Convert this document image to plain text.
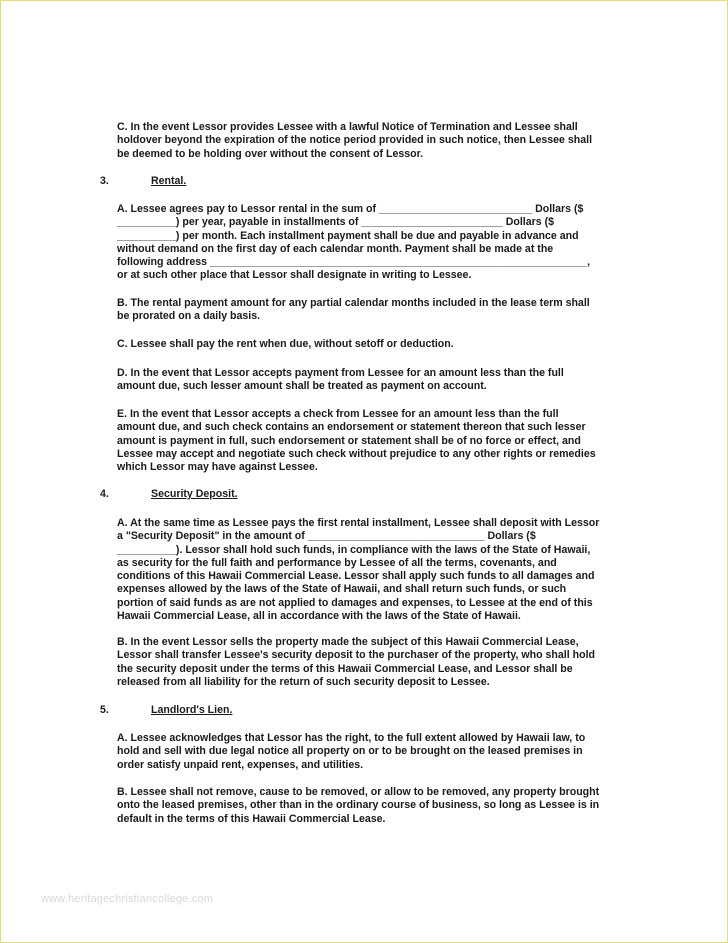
C. In the event Lessor provides Lessee with a lawful Notice of Termination and Lessee shall
holdover beyond the expiration of the notice period provided in such notice, then Lessee shall
be deemed to be holding over without the consent of Lessor.
3.	Rental.
A. Lessee agrees pay to Lessor rental in the sum of __________________________ Dollars ($
__________) per year, payable in installments of ________________________ Dollars ($
__________) per month. Each installment payment shall be due and payable in advance and
without demand on the first day of each calendar month. Payment shall be made at the
following address ________________________________________________________________,
or at such other place that Lessor shall designate in writing to Lessee.
B. The rental payment amount for any partial calendar months included in the lease term shall
be prorated on a daily basis.
C. Lessee shall pay the rent when due, without setoff or deduction.
D. In the event that Lessor accepts payment from Lessee for an amount less than the full
amount due, such lesser amount shall be treated as payment on account.
E. In the event that Lessor accepts a check from Lessee for an amount less than the full
amount due, and such check contains an endorsement or statement thereon that such lesser
amount is payment in full, such endorsement or statement shall be of no force or effect, and
Lessee may accept and negotiate such check without prejudice to any other rights or remedies
which Lessor may have against Lessee.
4.	Security Deposit.
A. At the same time as Lessee pays the first rental installment, Lessee shall deposit with Lessor
a "Security Deposit" in the amount of ______________________________ Dollars ($
__________). Lessor shall hold such funds, in compliance with the laws of the State of Hawaii,
as security for the full faith and performance by Lessee of all the terms, covenants, and
conditions of this Hawaii Commercial Lease. Lessor shall apply such funds to all damages and
expenses allowed by the laws of the State of Hawaii, and shall return such funds, or such
portion of said funds as are not applied to damages and expenses, to Lessee at the end of this
Hawaii Commercial Lease, all in accordance with the laws of the State of Hawaii.
B. In the event Lessor sells the property made the subject of this Hawaii Commercial Lease,
Lessor shall transfer Lessee's security deposit to the purchaser of the property, who shall hold
the security deposit under the terms of this Hawaii Commercial Lease, and Lessor shall be
released from all liability for the return of such security deposit to Lessee.
5.	Landlord's Lien.
A. Lessee acknowledges that Lessor has the right, to the full extent allowed by Hawaii law, to
hold and sell with due legal notice all property on or to be brought on the leased premises in
order satisfy unpaid rent, expenses, and utilities.
B. Lessee shall not remove, cause to be removed, or allow to be removed, any property brought
onto the leased premises, other than in the ordinary course of business, so long as Lessee is in
default in the terms of this Hawaii Commercial Lease.
www.heritagechristiancollege.com
